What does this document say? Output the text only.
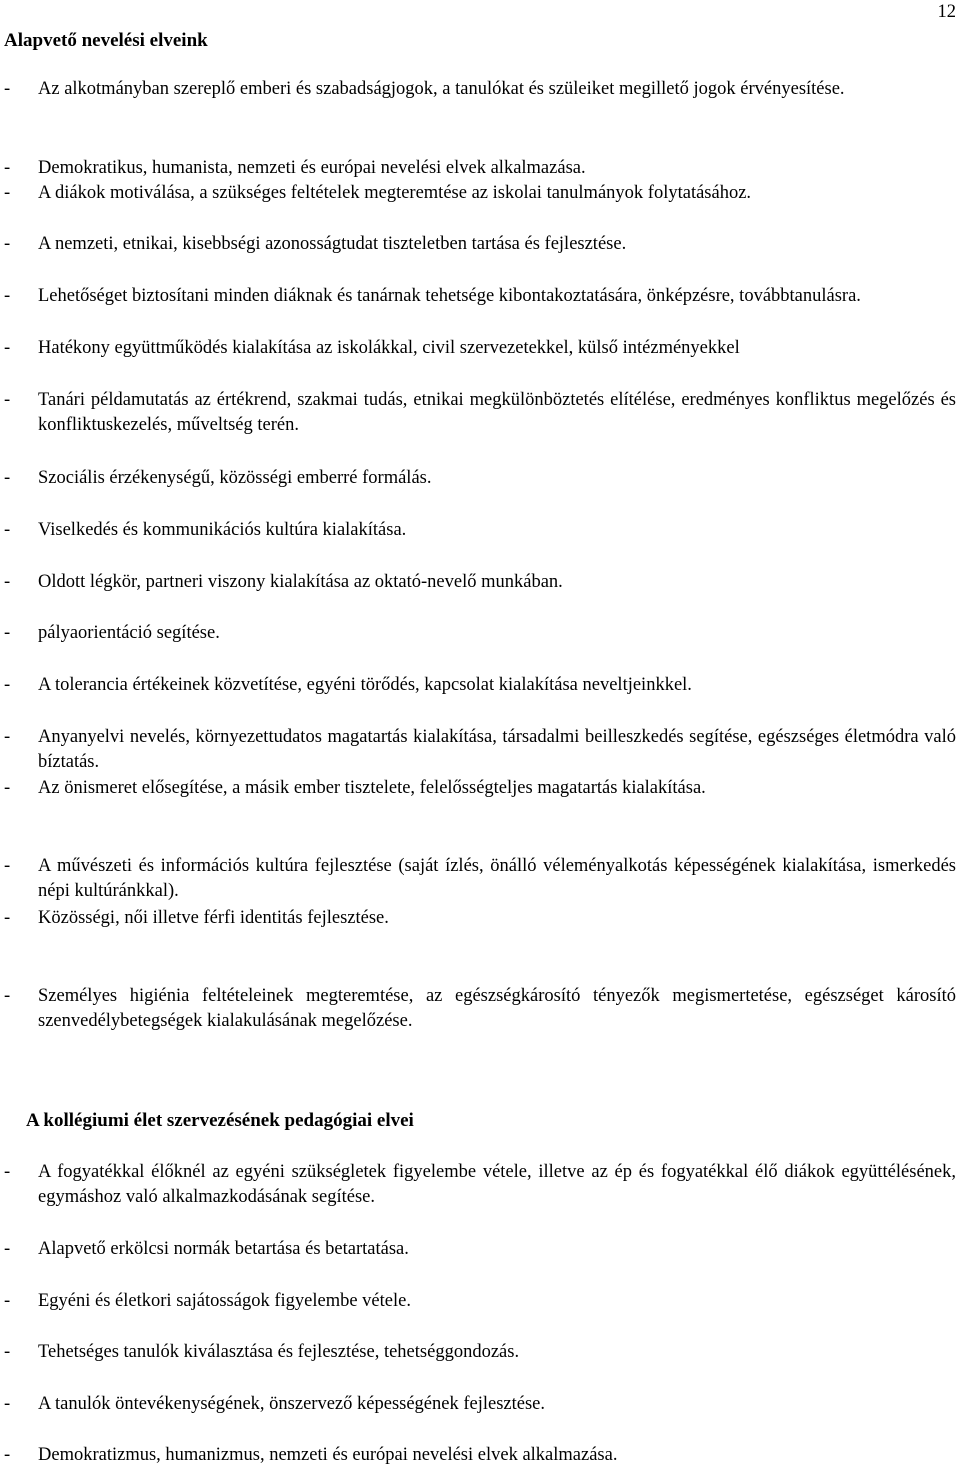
12
Alapvető nevelési elveink
- Az alkotmányban szereplő emberi és szabadságjogok, a tanulókat és szüleiket megillető jogok érvényesítése.
- Demokratikus, humanista, nemzeti és európai nevelési elvek alkalmazása.
- A diákok motiválása, a szükséges feltételek megteremtése az iskolai tanulmányok folytatásához.
- A nemzeti, etnikai, kisebbségi azonosságtudat tiszteletben tartása és fejlesztése.
- Lehetőséget biztosítani minden diáknak és tanárnak tehetsége kibontakoztatására, önképzésre, továbbtanulásra.
- Hatékony együttműködés kialakítása az iskolákkal, civil szervezetekkel, külső intézményekkel
- Tanári példamutatás az értékrend, szakmai tudás, etnikai megkülönböztetés elítélése, eredményes konfliktus megelőzés és konfliktuskezelés, műveltség terén.
- Szociális érzékenységű, közösségi emberré formálás.
- Viselkedés és kommunikációs kultúra kialakítása.
- Oldott légkör, partneri viszony kialakítása az oktató-nevelő munkában.
- pályaorientáció segítése.
- A tolerancia értékeinek közvetítése, egyéni törődés, kapcsolat kialakítása neveltjeinkkel.
- Anyanyelvi nevelés, környezettudatos magatartás kialakítása, társadalmi beilleszkedés segítése, egészséges életmódra való bíztatás.
- Az önismeret elősegítése, a másik ember tisztelete, felelősségteljes magatartás kialakítása.
- A művészeti és információs kultúra fejlesztése (saját ízlés, önálló véleményalkotás képességének kialakítása, ismerkedés népi kultúránkkal).
- Közösségi, női illetve férfi identitás fejlesztése.
- Személyes higiénia feltételeinek megteremtése, az egészségkárosító tényezők megismertetése, egészséget károsító szenvedélybetegségek kialakulásának megelőzése.
A kollégiumi élet szervezésének pedagógiai elvei
- A fogyatékkal élőknél az egyéni szükségletek figyelembe vétele, illetve az ép és fogyatékkal élő diákok együttélésének, egymáshoz való alkalmazkodásának segítése.
- Alapvető erkölcsi normák betartása és betartatása.
- Egyéni és életkori sajátosságok figyelembe vétele.
- Tehetséges tanulók kiválasztása és fejlesztése, tehetséggondozás.
- A tanulók öntevékenységének, önszervező képességének fejlesztése.
- Demokratizmus, humanizmus, nemzeti és európai nevelési elvek alkalmazása.
